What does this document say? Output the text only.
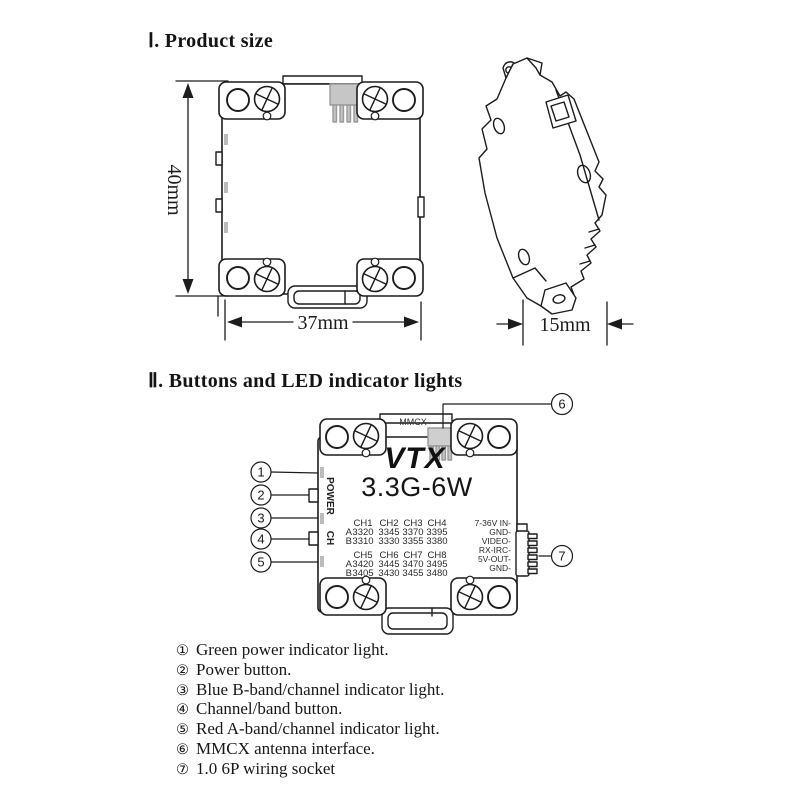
Ⅰ. Product size
Ⅱ. Buttons and LED indicator lights
40mm
37mm	15mm
MMCX
VTX
3.3G-6W
POWER
CH
CH1 CH2 CH3 CH4
A 3320 3345 3370 3395
B 3310 3330 3355 3380
CH5 CH6 CH7 CH8
A 3420 3445 3470 3495
B 3405 3430 3455 3480
7-36V IN-
GND-
VIDEO-
RX-IRC-
5V-OUT-
GND-
1
2
3
4
5
6
7
① Green power indicator light.
② Power button.
③ Blue B-band/channel indicator light.
④ Channel/band button.
⑤ Red A-band/channel indicator light.
⑥ MMCX antenna interface.
⑦ 1.0 6P wiring socket
